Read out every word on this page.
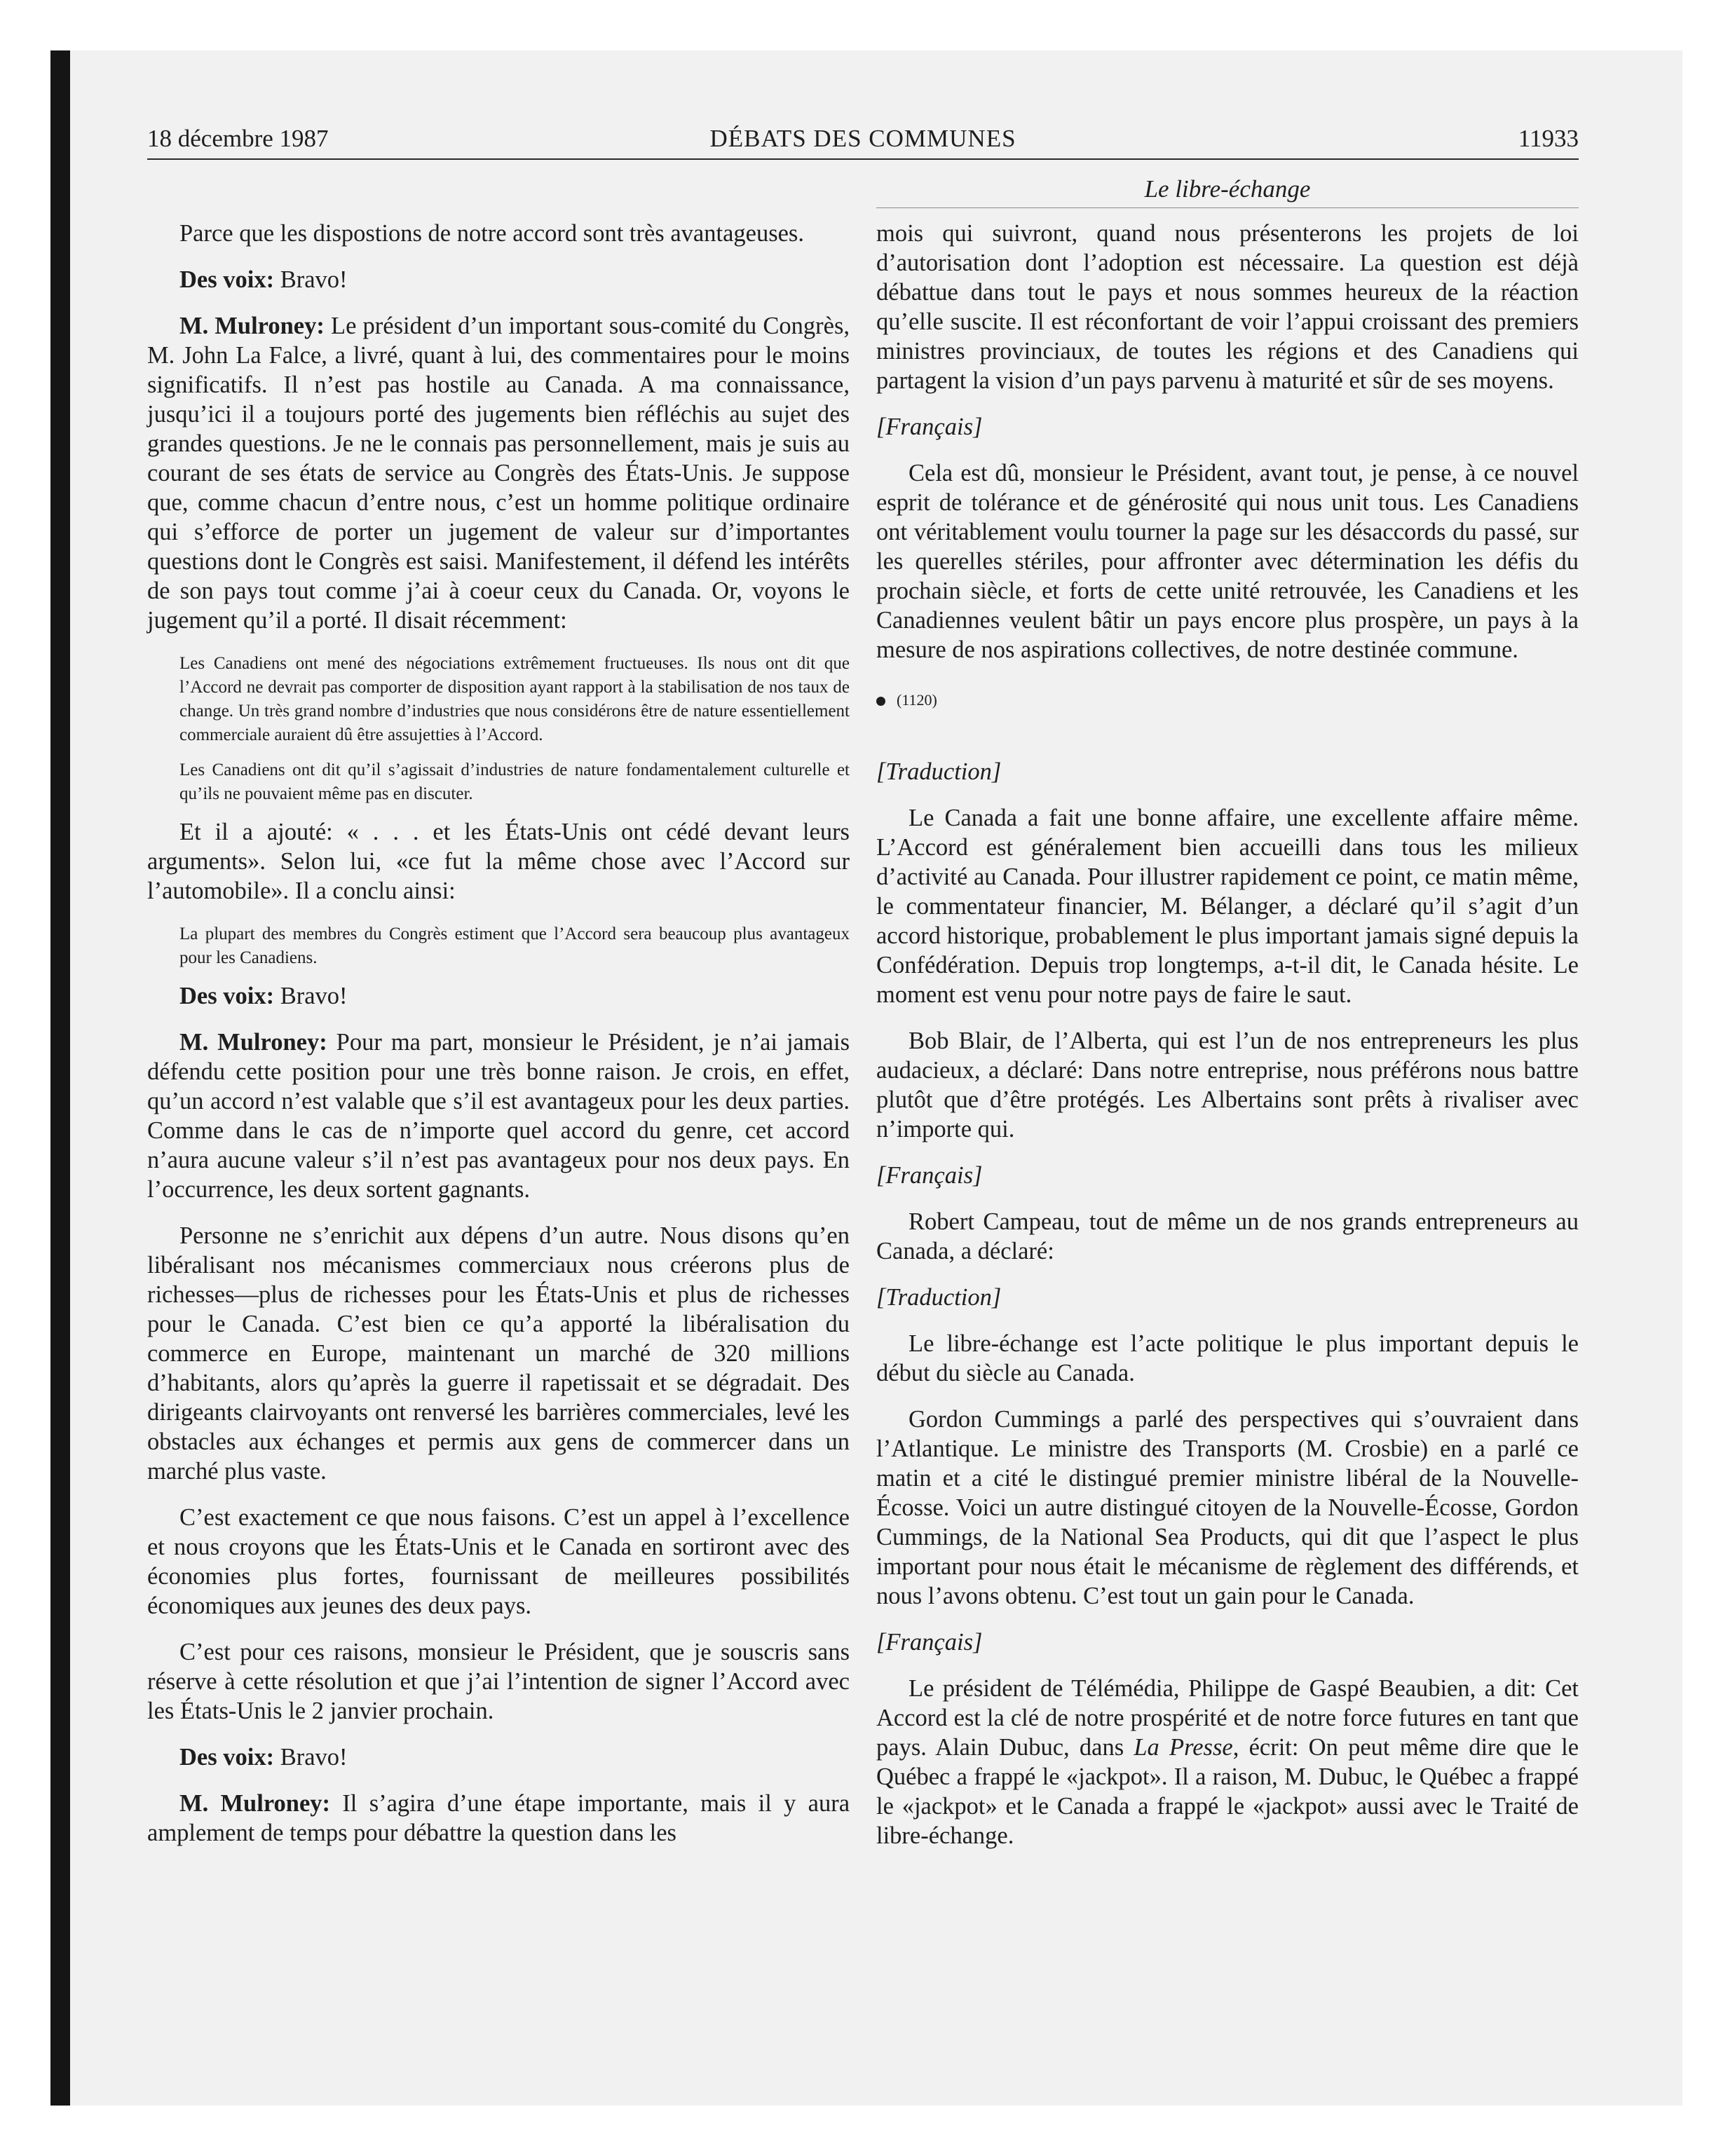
18 décembre 1987	DÉBATS DES COMMUNES	11933
Le libre-échange

Parce que les dispostions de notre accord sont très avantageuses.

Des voix: Bravo!

M. Mulroney: Le président d’un important sous-comité du Congrès, M. John La Falce, a livré, quant à lui, des commentaires pour le moins significatifs. Il n’est pas hostile au Canada. A ma connaissance, jusqu’ici il a toujours porté des jugements bien réfléchis au sujet des grandes questions. Je ne le connais pas personnellement, mais je suis au courant de ses états de service au Congrès des États-Unis. Je suppose que, comme chacun d’entre nous, c’est un homme politique ordinaire qui s’efforce de porter un jugement de valeur sur d’importantes questions dont le Congrès est saisi. Manifestement, il défend les intérêts de son pays tout comme j’ai à coeur ceux du Canada. Or, voyons le jugement qu’il a porté. Il disait récemment:

Les Canadiens ont mené des négociations extrêmement fructueuses. Ils nous ont dit que l’Accord ne devrait pas comporter de disposition ayant rapport à la stabilisation de nos taux de change. Un très grand nombre d’industries que nous considérons être de nature essentiellement commerciale auraient dû être assujetties à l’Accord.

Les Canadiens ont dit qu’il s’agissait d’industries de nature fondamentalement culturelle et qu’ils ne pouvaient même pas en discuter.

Et il a ajouté: « . . . et les États-Unis ont cédé devant leurs arguments». Selon lui, «ce fut la même chose avec l’Accord sur l’automobile». Il a conclu ainsi:

La plupart des membres du Congrès estiment que l’Accord sera beaucoup plus avantageux pour les Canadiens.

Des voix: Bravo!

M. Mulroney: Pour ma part, monsieur le Président, je n’ai jamais défendu cette position pour une très bonne raison. Je crois, en effet, qu’un accord n’est valable que s’il est avantageux pour les deux parties. Comme dans le cas de n’importe quel accord du genre, cet accord n’aura aucune valeur s’il n’est pas avantageux pour nos deux pays. En l’occurrence, les deux sortent gagnants.

Personne ne s’enrichit aux dépens d’un autre. Nous disons qu’en libéralisant nos mécanismes commerciaux nous créerons plus de richesses—plus de richesses pour les États-Unis et plus de richesses pour le Canada. C’est bien ce qu’a apporté la libéralisation du commerce en Europe, maintenant un marché de 320 millions d’habitants, alors qu’après la guerre il rapetissait et se dégradait. Des dirigeants clairvoyants ont renversé les barrières commerciales, levé les obstacles aux échanges et permis aux gens de commercer dans un marché plus vaste.

C’est exactement ce que nous faisons. C’est un appel à l’excellence et nous croyons que les États-Unis et le Canada en sortiront avec des économies plus fortes, fournissant de meilleures possibilités économiques aux jeunes des deux pays.

C’est pour ces raisons, monsieur le Président, que je souscris sans réserve à cette résolution et que j’ai l’intention de signer l’Accord avec les États-Unis le 2 janvier prochain.

Des voix: Bravo!

M. Mulroney: Il s’agira d’une étape importante, mais il y aura amplement de temps pour débattre la question dans les

mois qui suivront, quand nous présenterons les projets de loi d’autorisation dont l’adoption est nécessaire. La question est déjà débattue dans tout le pays et nous sommes heureux de la réaction qu’elle suscite. Il est réconfortant de voir l’appui croissant des premiers ministres provinciaux, de toutes les régions et des Canadiens qui partagent la vision d’un pays parvenu à maturité et sûr de ses moyens.

[Français]

Cela est dû, monsieur le Président, avant tout, je pense, à ce nouvel esprit de tolérance et de générosité qui nous unit tous. Les Canadiens ont véritablement voulu tourner la page sur les désaccords du passé, sur les querelles stériles, pour affronter avec détermination les défis du prochain siècle, et forts de cette unité retrouvée, les Canadiens et les Canadiennes veulent bâtir un pays encore plus prospère, un pays à la mesure de nos aspirations collectives, de notre destinée commune.

(1120)
[Traduction]

Le Canada a fait une bonne affaire, une excellente affaire même. L’Accord est généralement bien accueilli dans tous les milieux d’activité au Canada. Pour illustrer rapidement ce point, ce matin même, le commentateur financier, M. Bélanger, a déclaré qu’il s’agit d’un accord historique, probablement le plus important jamais signé depuis la Confédération. Depuis trop longtemps, a-t-il dit, le Canada hésite. Le moment est venu pour notre pays de faire le saut.

Bob Blair, de l’Alberta, qui est l’un de nos entrepreneurs les plus audacieux, a déclaré: Dans notre entreprise, nous préférons nous battre plutôt que d’être protégés. Les Albertains sont prêts à rivaliser avec n’importe qui.

[Français]

Robert Campeau, tout de même un de nos grands entrepreneurs au Canada, a déclaré:

[Traduction]

Le libre-échange est l’acte politique le plus important depuis le début du siècle au Canada.

Gordon Cummings a parlé des perspectives qui s’ouvraient dans l’Atlantique. Le ministre des Transports (M. Crosbie) en a parlé ce matin et a cité le distingué premier ministre libéral de la Nouvelle-Écosse. Voici un autre distingué citoyen de la Nouvelle-Écosse, Gordon Cummings, de la National Sea Products, qui dit que l’aspect le plus important pour nous était le mécanisme de règlement des différends, et nous l’avons obtenu. C’est tout un gain pour le Canada.

[Français]

Le président de Télémédia, Philippe de Gaspé Beaubien, a dit: Cet Accord est la clé de notre prospérité et de notre force futures en tant que pays. Alain Dubuc, dans La Presse, écrit: On peut même dire que le Québec a frappé le «jackpot». Il a raison, M. Dubuc, le Québec a frappé le «jackpot» et le Canada a frappé le «jackpot» aussi avec le Traité de libre-échange.
